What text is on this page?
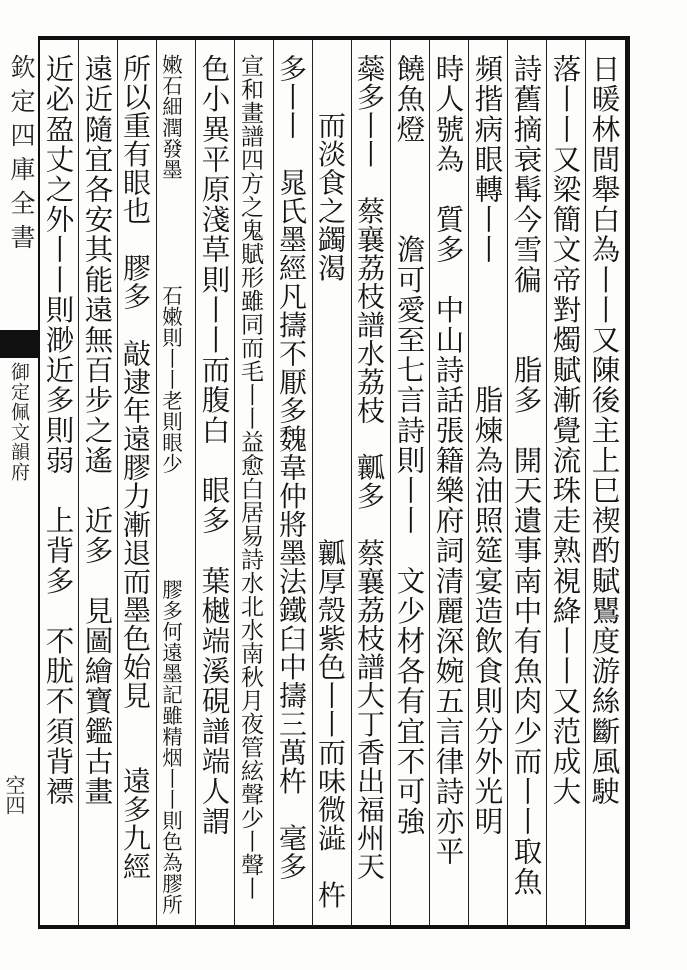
欽定四庫全書
御定佩文韻府
空四	日暖林間舉白為丨丨又陳後主上巳禊酌賦鸎度游絲斷風駛
落丨丨又梁簡文帝對燭賦漸覺流珠走熟視絳丨丨又范成大
詩舊摘衰髯今雪徧　　脂多　開天遺事南中有魚肉少而丨丨取魚
頻揩病眼轉丨丨　　　　脂煉為油照筵宴造飲食則分外光明
時人號為　質多　中山詩話張籍樂府詞清麗深婉五言律詩亦平
饒魚燈　　　澹可愛至七言詩則丨丨　文少材各有宜不可強
蘂多丨丨　蔡襄荔枝譜水荔枝　瓤多　蔡襄荔枝譜大丁香出福州天
　　而淡食之蠲渴　　　　　　　　　瓤厚殼紫色丨丨而味微澁　杵
多丨丨　晁氏墨經凡擣不厭多魏韋仲將墨法鐵臼中擣三萬杵　毫多
宣和畫譜四方之鬼賦形雖同而毛丨丨益愈白居易詩水北水南秋月夜管絃聲少丨聲丨
色小異平原淺草則丨丨而腹白　眼多　葉樾端溪硯譜端人謂
嫩石細潤發墨　　　　　石嫩則丨丨老則眼少　　　　　膠多何遠墨記雖精烟丨丨則色為膠所
所以重有眼也　膠多　敲逮年遠膠力漸退而墨色始見　　遠多九經
遠近隨宜各安其能遠無百步之遙　近多　見圖繪寶鑑古畫
近必盈丈之外丨丨則渺近多則弱　上背多　不肬不須背褾
